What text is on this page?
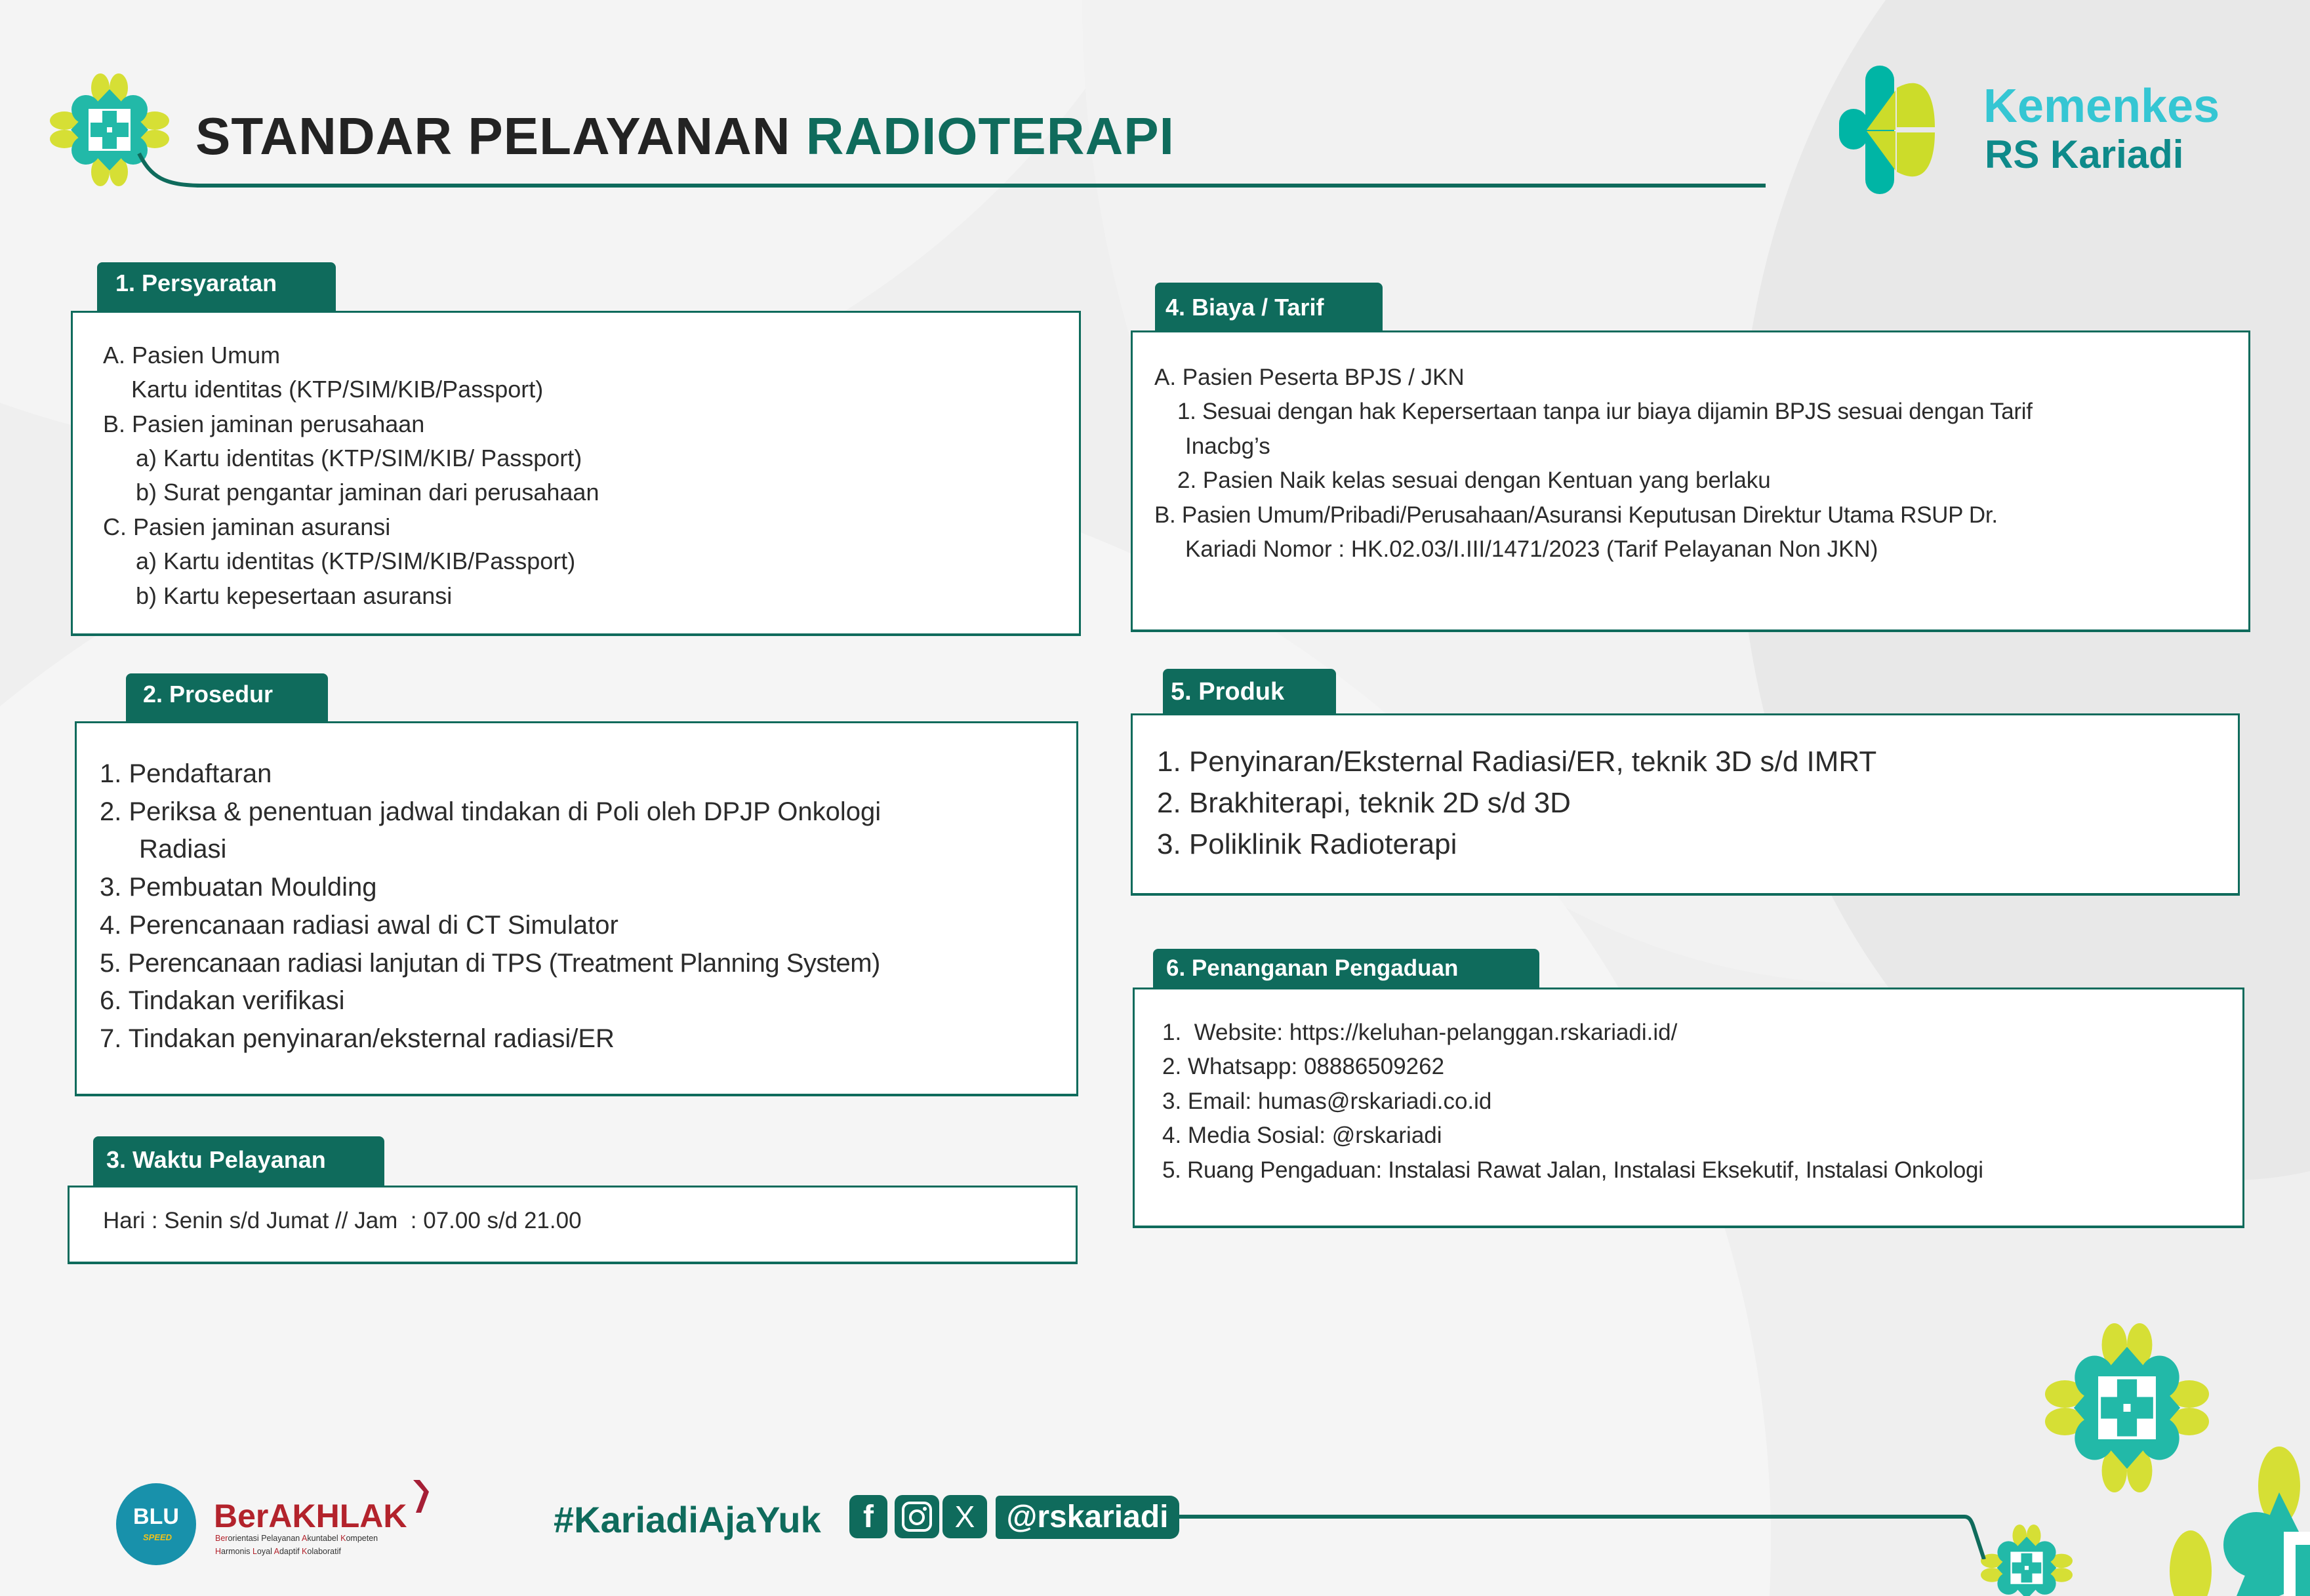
STANDAR PELAYANAN RADIOTERAPI
Kemenkes
RS Kariadi
1. Persyaratan
A. Pasien Umum
Kartu identitas (KTP/SIM/KIB/Passport)
B. Pasien jaminan perusahaan
a) Kartu identitas (KTP/SIM/KIB/ Passport)
b) Surat pengantar jaminan dari perusahaan
C. Pasien jaminan asuransi
a) Kartu identitas (KTP/SIM/KIB/Passport)
b) Kartu kepesertaan asuransi
2. Prosedur
1. Pendaftaran
2. Periksa & penentuan jadwal tindakan di Poli oleh DPJP Onkologi
Radiasi
3. Pembuatan Moulding
4. Perencanaan radiasi awal di CT Simulator
5. Perencanaan radiasi lanjutan di TPS (Treatment Planning System)
6. Tindakan verifikasi
7. Tindakan penyinaran/eksternal radiasi/ER
3. Waktu Pelayanan
Hari : Senin s/d Jumat // Jam  : 07.00 s/d 21.00
4. Biaya / Tarif
A. Pasien Peserta BPJS / JKN
1. Sesuai dengan hak Kepersertaan tanpa iur biaya dijamin BPJS sesuai dengan Tarif
Inacbg’s
2. Pasien Naik kelas sesuai dengan Kentuan yang berlaku
B. Pasien Umum/Pribadi/Perusahaan/Asuransi Keputusan Direktur Utama RSUP Dr.
Kariadi Nomor : HK.02.03/I.III/1471/2023 (Tarif Pelayanan Non JKN)
5. Produk
1. Penyinaran/Eksternal Radiasi/ER, teknik 3D s/d IMRT
2. Brakhiterapi, teknik 2D s/d 3D
3. Poliklinik Radioterapi
6. Penanganan Pengaduan
1.  Website: https://keluhan-pelanggan.rskariadi.id/
2. Whatsapp: 08886509262
3. Email: humas@rskariadi.co.id
4. Media Sosial: @rskariadi
5. Ruang Pengaduan: Instalasi Rawat Jalan, Instalasi Eksekutif, Instalasi Onkologi
BLU
SPEED
BerAKHLAK
Berorientasi Pelayanan Akuntabel Kompeten
Harmonis Loyal Adaptif Kolaboratif
#KariadiAjaYuk f	X	@rskariadi
